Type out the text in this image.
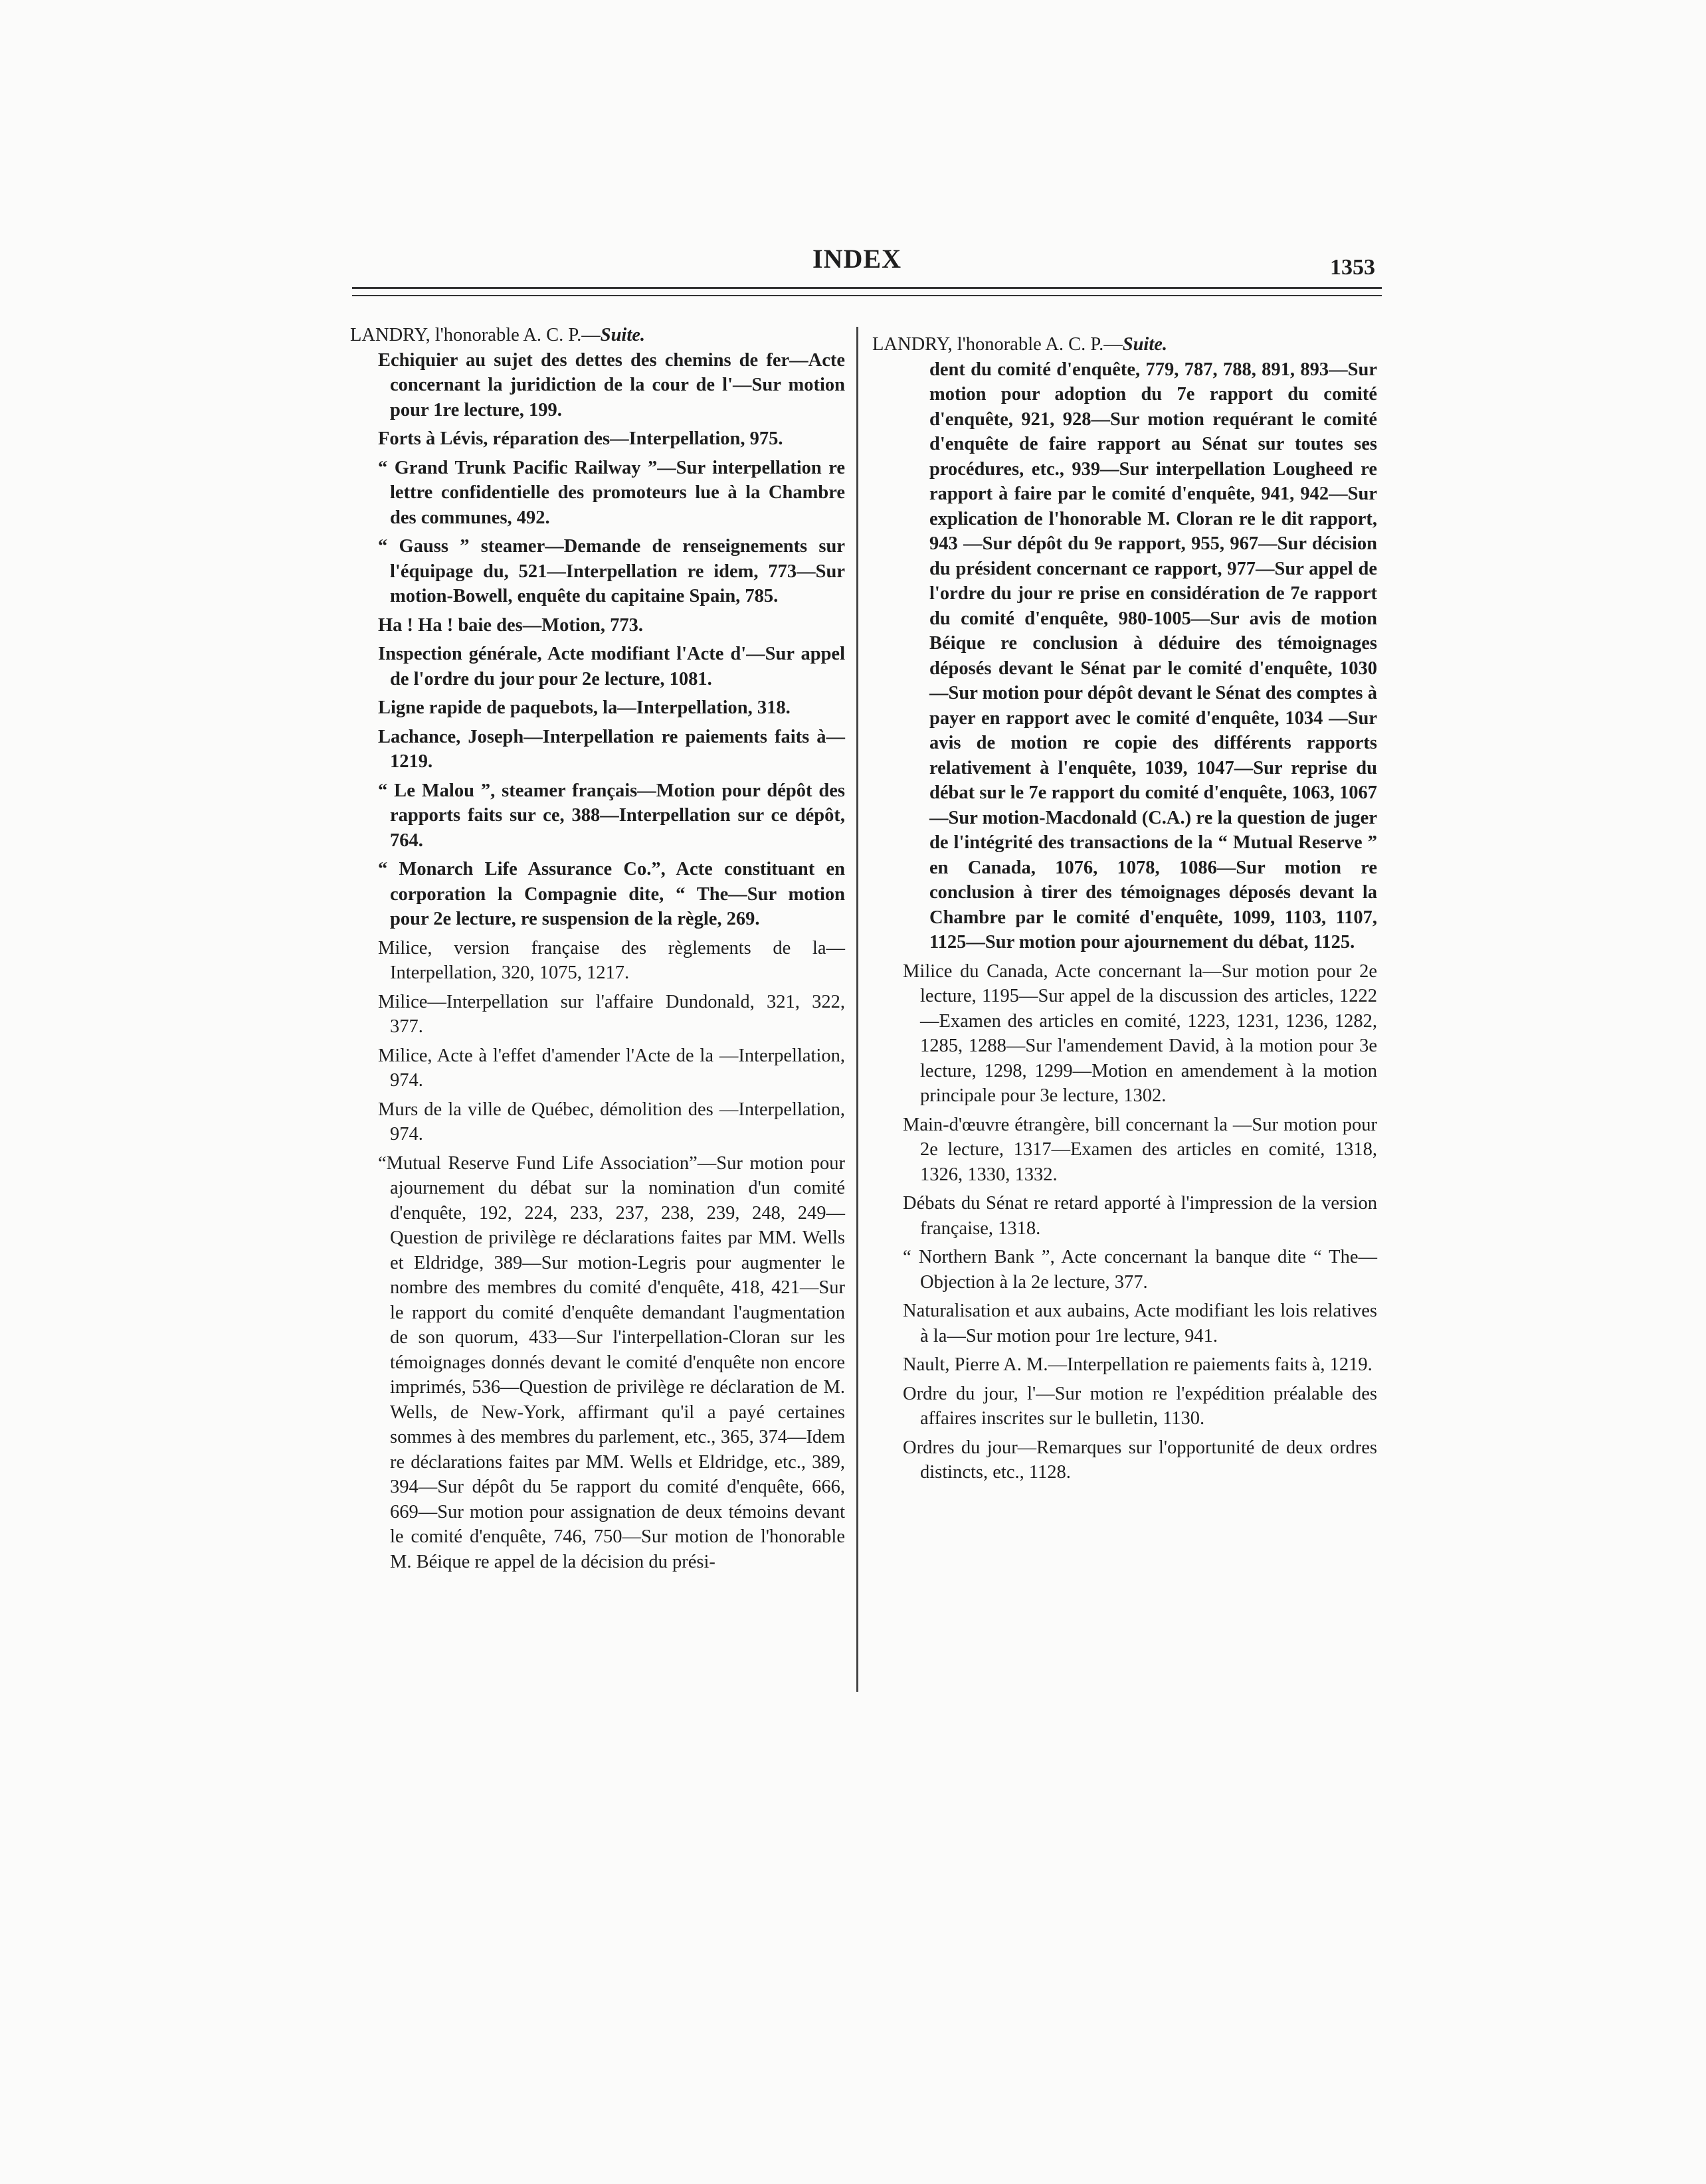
INDEX	1353

LANDRY, l'honorable A. C. P.—Suite.

Echiquier au sujet des dettes des chemins de fer—Acte concernant la juridiction de la cour de l'—Sur motion pour 1re lecture, 199.

Forts à Lévis, réparation des—Interpellation, 975.

“ Grand Trunk Pacific Railway ”—Sur interpellation re lettre confidentielle des promoteurs lue à la Chambre des communes, 492.

“ Gauss ” steamer—Demande de renseignements sur l'équipage du, 521—Interpellation re idem, 773—Sur motion-Bowell, enquête du capitaine Spain, 785.

Ha ! Ha ! baie des—Motion, 773.

Inspection générale, Acte modifiant l'Acte d'—Sur appel de l'ordre du jour pour 2e lecture, 1081.

Ligne rapide de paquebots, la—Interpellation, 318.

Lachance, Joseph—Interpellation re paiements faits à—1219.

“ Le Malou ”, steamer français—Motion pour dépôt des rapports faits sur ce, 388—Interpellation sur ce dépôt, 764.

“ Monarch Life Assurance Co.”, Acte constituant en corporation la Compagnie dite, “ The—Sur motion pour 2e lecture, re suspension de la règle, 269.

Milice, version française des règlements de la—Interpellation, 320, 1075, 1217.

Milice—Interpellation sur l'affaire Dundonald, 321, 322, 377.

Milice, Acte à l'effet d'amender l'Acte de la —Interpellation, 974.

Murs de la ville de Québec, démolition des —Interpellation, 974.

“Mutual Reserve Fund Life Association”—Sur motion pour ajournement du débat sur la nomination d'un comité d'enquête, 192, 224, 233, 237, 238, 239, 248, 249—Question de privilège re déclarations faites par MM. Wells et Eldridge, 389—Sur motion-Legris pour augmenter le nombre des membres du comité d'enquête, 418, 421—Sur le rapport du comité d'enquête demandant l'augmentation de son quorum, 433—Sur l'interpellation-Cloran sur les témoignages donnés devant le comité d'enquête non encore imprimés, 536—Question de privilège re déclaration de M. Wells, de New-York, affirmant qu'il a payé certaines sommes à des membres du parlement, etc., 365, 374—Idem re déclarations faites par MM. Wells et Eldridge, etc., 389, 394—Sur dépôt du 5e rapport du comité d'enquête, 666, 669—Sur motion pour assignation de deux témoins devant le comité d'enquête, 746, 750—Sur motion de l'honorable M. Béique re appel de la décision du prési-

LANDRY, l'honorable A. C. P.—Suite.

dent du comité d'enquête, 779, 787, 788, 891, 893—Sur motion pour adoption du 7e rapport du comité d'enquête, 921, 928—Sur motion requérant le comité d'enquête de faire rapport au Sénat sur toutes ses procédures, etc., 939—Sur interpellation Lougheed re rapport à faire par le comité d'enquête, 941, 942—Sur explication de l'honorable M. Cloran re le dit rapport, 943 —Sur dépôt du 9e rapport, 955, 967—Sur décision du président concernant ce rapport, 977—Sur appel de l'ordre du jour re prise en considération de 7e rapport du comité d'enquête, 980-1005—Sur avis de motion Béique re conclusion à déduire des témoignages déposés devant le Sénat par le comité d'enquête, 1030—Sur motion pour dépôt devant le Sénat des comptes à payer en rapport avec le comité d'enquête, 1034 —Sur avis de motion re copie des différents rapports relativement à l'enquête, 1039, 1047—Sur reprise du débat sur le 7e rapport du comité d'enquête, 1063, 1067—Sur motion-Macdonald (C.A.) re la question de juger de l'intégrité des transactions de la “ Mutual Reserve ” en Canada, 1076, 1078, 1086—Sur motion re conclusion à tirer des témoignages déposés devant la Chambre par le comité d'enquête, 1099, 1103, 1107, 1125—Sur motion pour ajournement du débat, 1125.

Milice du Canada, Acte concernant la—Sur motion pour 2e lecture, 1195—Sur appel de la discussion des articles, 1222—Examen des articles en comité, 1223, 1231, 1236, 1282, 1285, 1288—Sur l'amendement David, à la motion pour 3e lecture, 1298, 1299—Motion en amendement à la motion principale pour 3e lecture, 1302.

Main-d'œuvre étrangère, bill concernant la —Sur motion pour 2e lecture, 1317—Examen des articles en comité, 1318, 1326, 1330, 1332.

Débats du Sénat re retard apporté à l'impression de la version française, 1318.

“ Northern Bank ”, Acte concernant la banque dite “ The—Objection à la 2e lecture, 377.

Naturalisation et aux aubains, Acte modifiant les lois relatives à la—Sur motion pour 1re lecture, 941.

Nault, Pierre A. M.—Interpellation re paiements faits à, 1219.

Ordre du jour, l'—Sur motion re l'expédition préalable des affaires inscrites sur le bulletin, 1130.

Ordres du jour—Remarques sur l'opportunité de deux ordres distincts, etc., 1128.
